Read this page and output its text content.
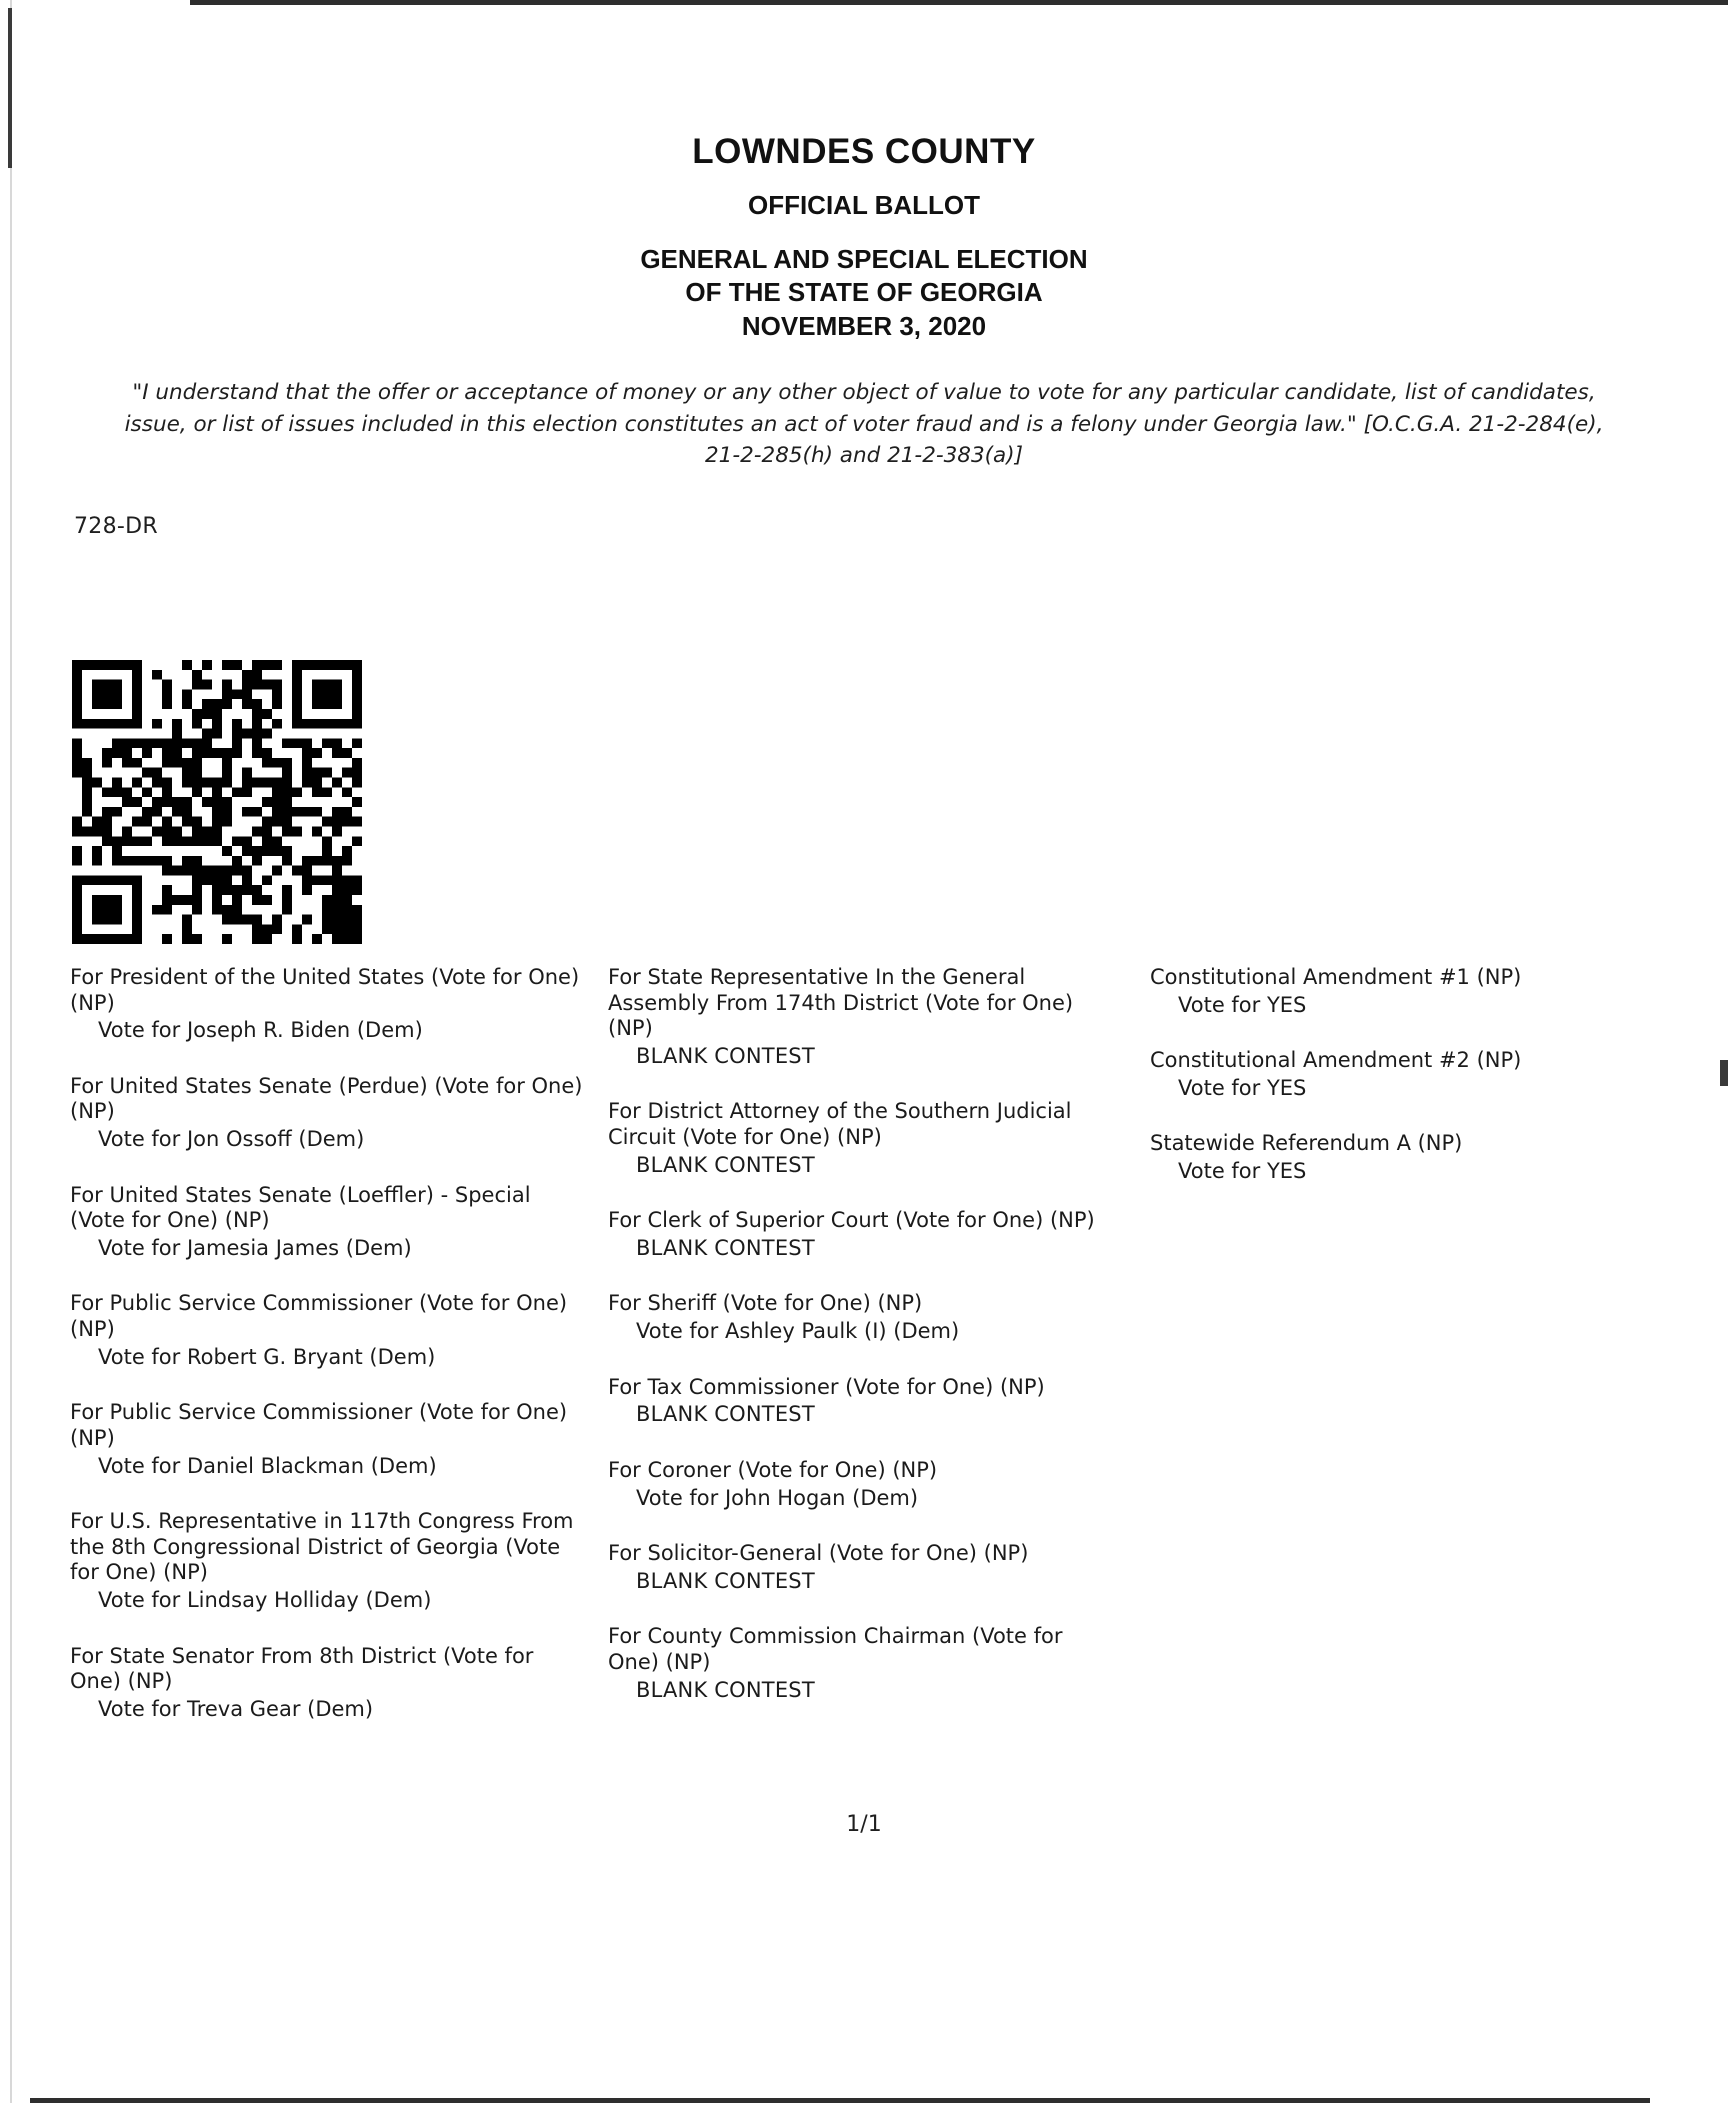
LOWNDES COUNTY
OFFICIAL BALLOT
GENERAL AND SPECIAL ELECTION
OF THE STATE OF GEORGIA
NOVEMBER 3, 2020
"I understand that the offer or acceptance of money or any other object of value to vote for any particular candidate, list of candidates, issue, or list of issues included in this election constitutes an act of voter fraud and is a felony under Georgia law." [O.C.G.A. 21-2-284(e), 21-2-285(h) and 21-2-383(a)]
728-DR
For President of the United States (Vote for One) (NP)
Vote for Joseph R. Biden (Dem)
For United States Senate (Perdue) (Vote for One) (NP)
Vote for Jon Ossoff (Dem)
For United States Senate (Loeffler) - Special (Vote for One) (NP)
Vote for Jamesia James (Dem)
For Public Service Commissioner (Vote for One) (NP)
Vote for Robert G. Bryant (Dem)
For Public Service Commissioner (Vote for One) (NP)
Vote for Daniel Blackman (Dem)
For U.S. Representative in 117th Congress From the 8th Congressional District of Georgia (Vote for One) (NP)
Vote for Lindsay Holliday (Dem)
For State Senator From 8th District (Vote for One) (NP)
Vote for Treva Gear (Dem)
For State Representative In the General Assembly From 174th District (Vote for One) (NP)
BLANK CONTEST
For District Attorney of the Southern Judicial Circuit (Vote for One) (NP)
BLANK CONTEST
For Clerk of Superior Court (Vote for One) (NP)
BLANK CONTEST
For Sheriff (Vote for One) (NP)
Vote for Ashley Paulk (I) (Dem)
For Tax Commissioner (Vote for One) (NP)
BLANK CONTEST
For Coroner (Vote for One) (NP)
Vote for John Hogan (Dem)
For Solicitor-General (Vote for One) (NP)
BLANK CONTEST
For County Commission Chairman (Vote for One) (NP)
BLANK CONTEST
Constitutional Amendment #1 (NP)
Vote for YES
Constitutional Amendment #2 (NP)
Vote for YES
Statewide Referendum A (NP)
Vote for YES
1/1
